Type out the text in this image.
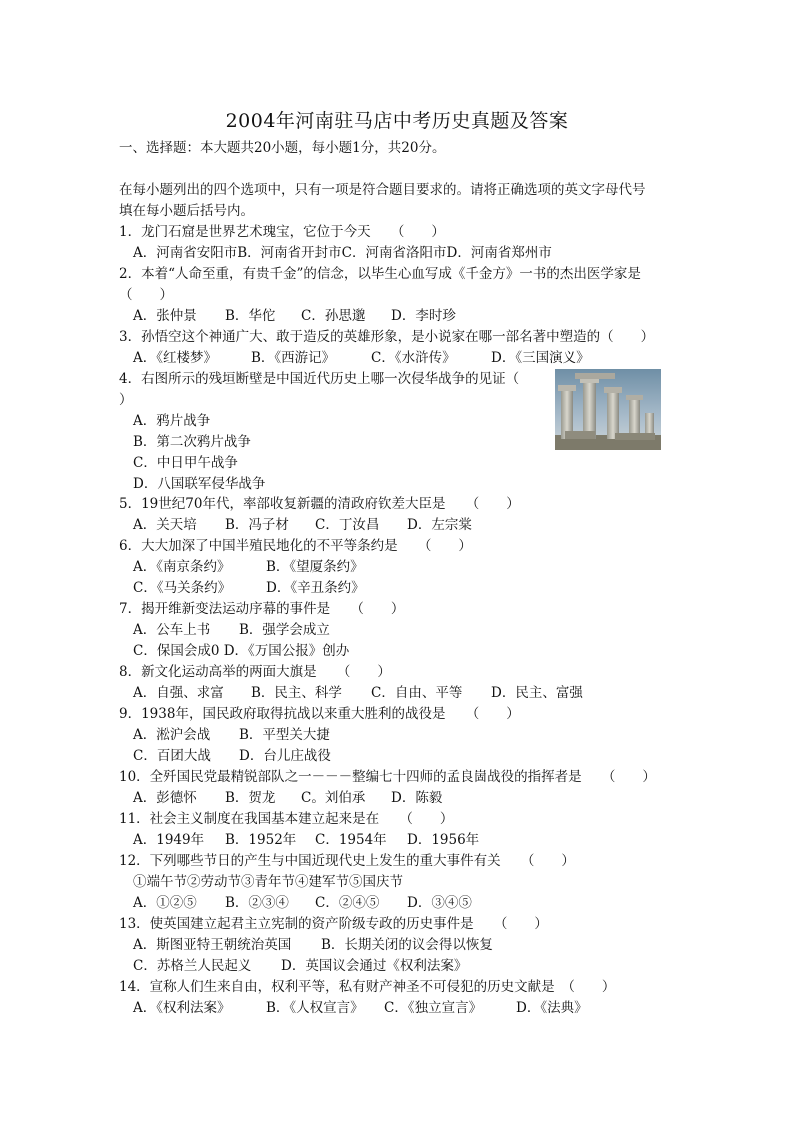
2004年河南驻马店中考历史真题及答案
一、选择题：本大题共20小题，每小题1分，共20分。
在每小题列出的四个选项中，只有一项是符合题目要求的。请将正确选项的英文字母代号
填在每小题后括号内。
1．龙门石窟是世界艺术瑰宝，它位于今天　　（　　）
A．河南省安阳市B．河南省开封市C．河南省洛阳市D．河南省郑州市
2．本着“人命至重，有贵千金”的信念，以毕生心血写成《千金方》一书的杰出医学家是
（　　）
A．张仲景 B．华佗 C．孙思邈 D．李时珍
3．孙悟空这个神通广大、敢于造反的英雄形象，是小说家在哪一部名著中塑造的（　　）
A．《红楼梦》	B．《西游记》	C．《水浒传》	D．《三国演义》
4．右图所示的残垣断壁是中国近代历史上哪一次侵华战争的见证（
）
A．鸦片战争
B．第二次鸦片战争
C．中日甲午战争
D．八国联军侵华战争
5．19世纪70年代，率部收复新疆的清政府钦差大臣是　　（　　）
A．关天培 B．冯子材 C．丁汝昌 D．左宗棠
6．大大加深了中国半殖民地化的不平等条约是　　（　　）
A．《南京条约》	B．《望厦条约》
C．《马关条约》	D．《辛丑条约》
7．揭开维新变法运动序幕的事件是　　（　　）
A．公车上书 B．强学会成立
C．保国会成0 D．《万国公报》创办
8．新文化运动高举的两面大旗是　　（　　）
A．自强、求富 B．民主、科学 C．自由、平等 D．民主、富强
9．1938年，国民政府取得抗战以来重大胜利的战役是　　（　　）
A．淞沪会战 B．平型关大捷
C．百团大战 D．台儿庄战役
10．全歼国民党最精锐部队之一－－－整编七十四师的孟良崮战役的指挥者是　　（　　）
A．彭德怀 B．贺龙 C。刘伯承 D．陈毅
11．社会主义制度在我国基本建立起来是在　　（　　）
A．1949年 B．1952年 C．1954年 D．1956年
12．下列哪些节日的产生与中国近现代史上发生的重大事件有关　　（　　）
①端午节②劳动节③青年节④建军节⑤国庆节
A．①②⑤ B．②③④ C．②④⑤ D．③④⑤
13．使英国建立起君主立宪制的资产阶级专政的历史事件是　　（　　）
A．斯图亚特王朝统治英国 B．长期关闭的议会得以恢复
C．苏格兰人民起义 D．英国议会通过《权利法案》
14．宣称人们生来自由，权利平等，私有财产神圣不可侵犯的历史文献是　（　　）
A．《权利法案》	B．《人权宣言》 C．《独立宣言》	D．《法典》
